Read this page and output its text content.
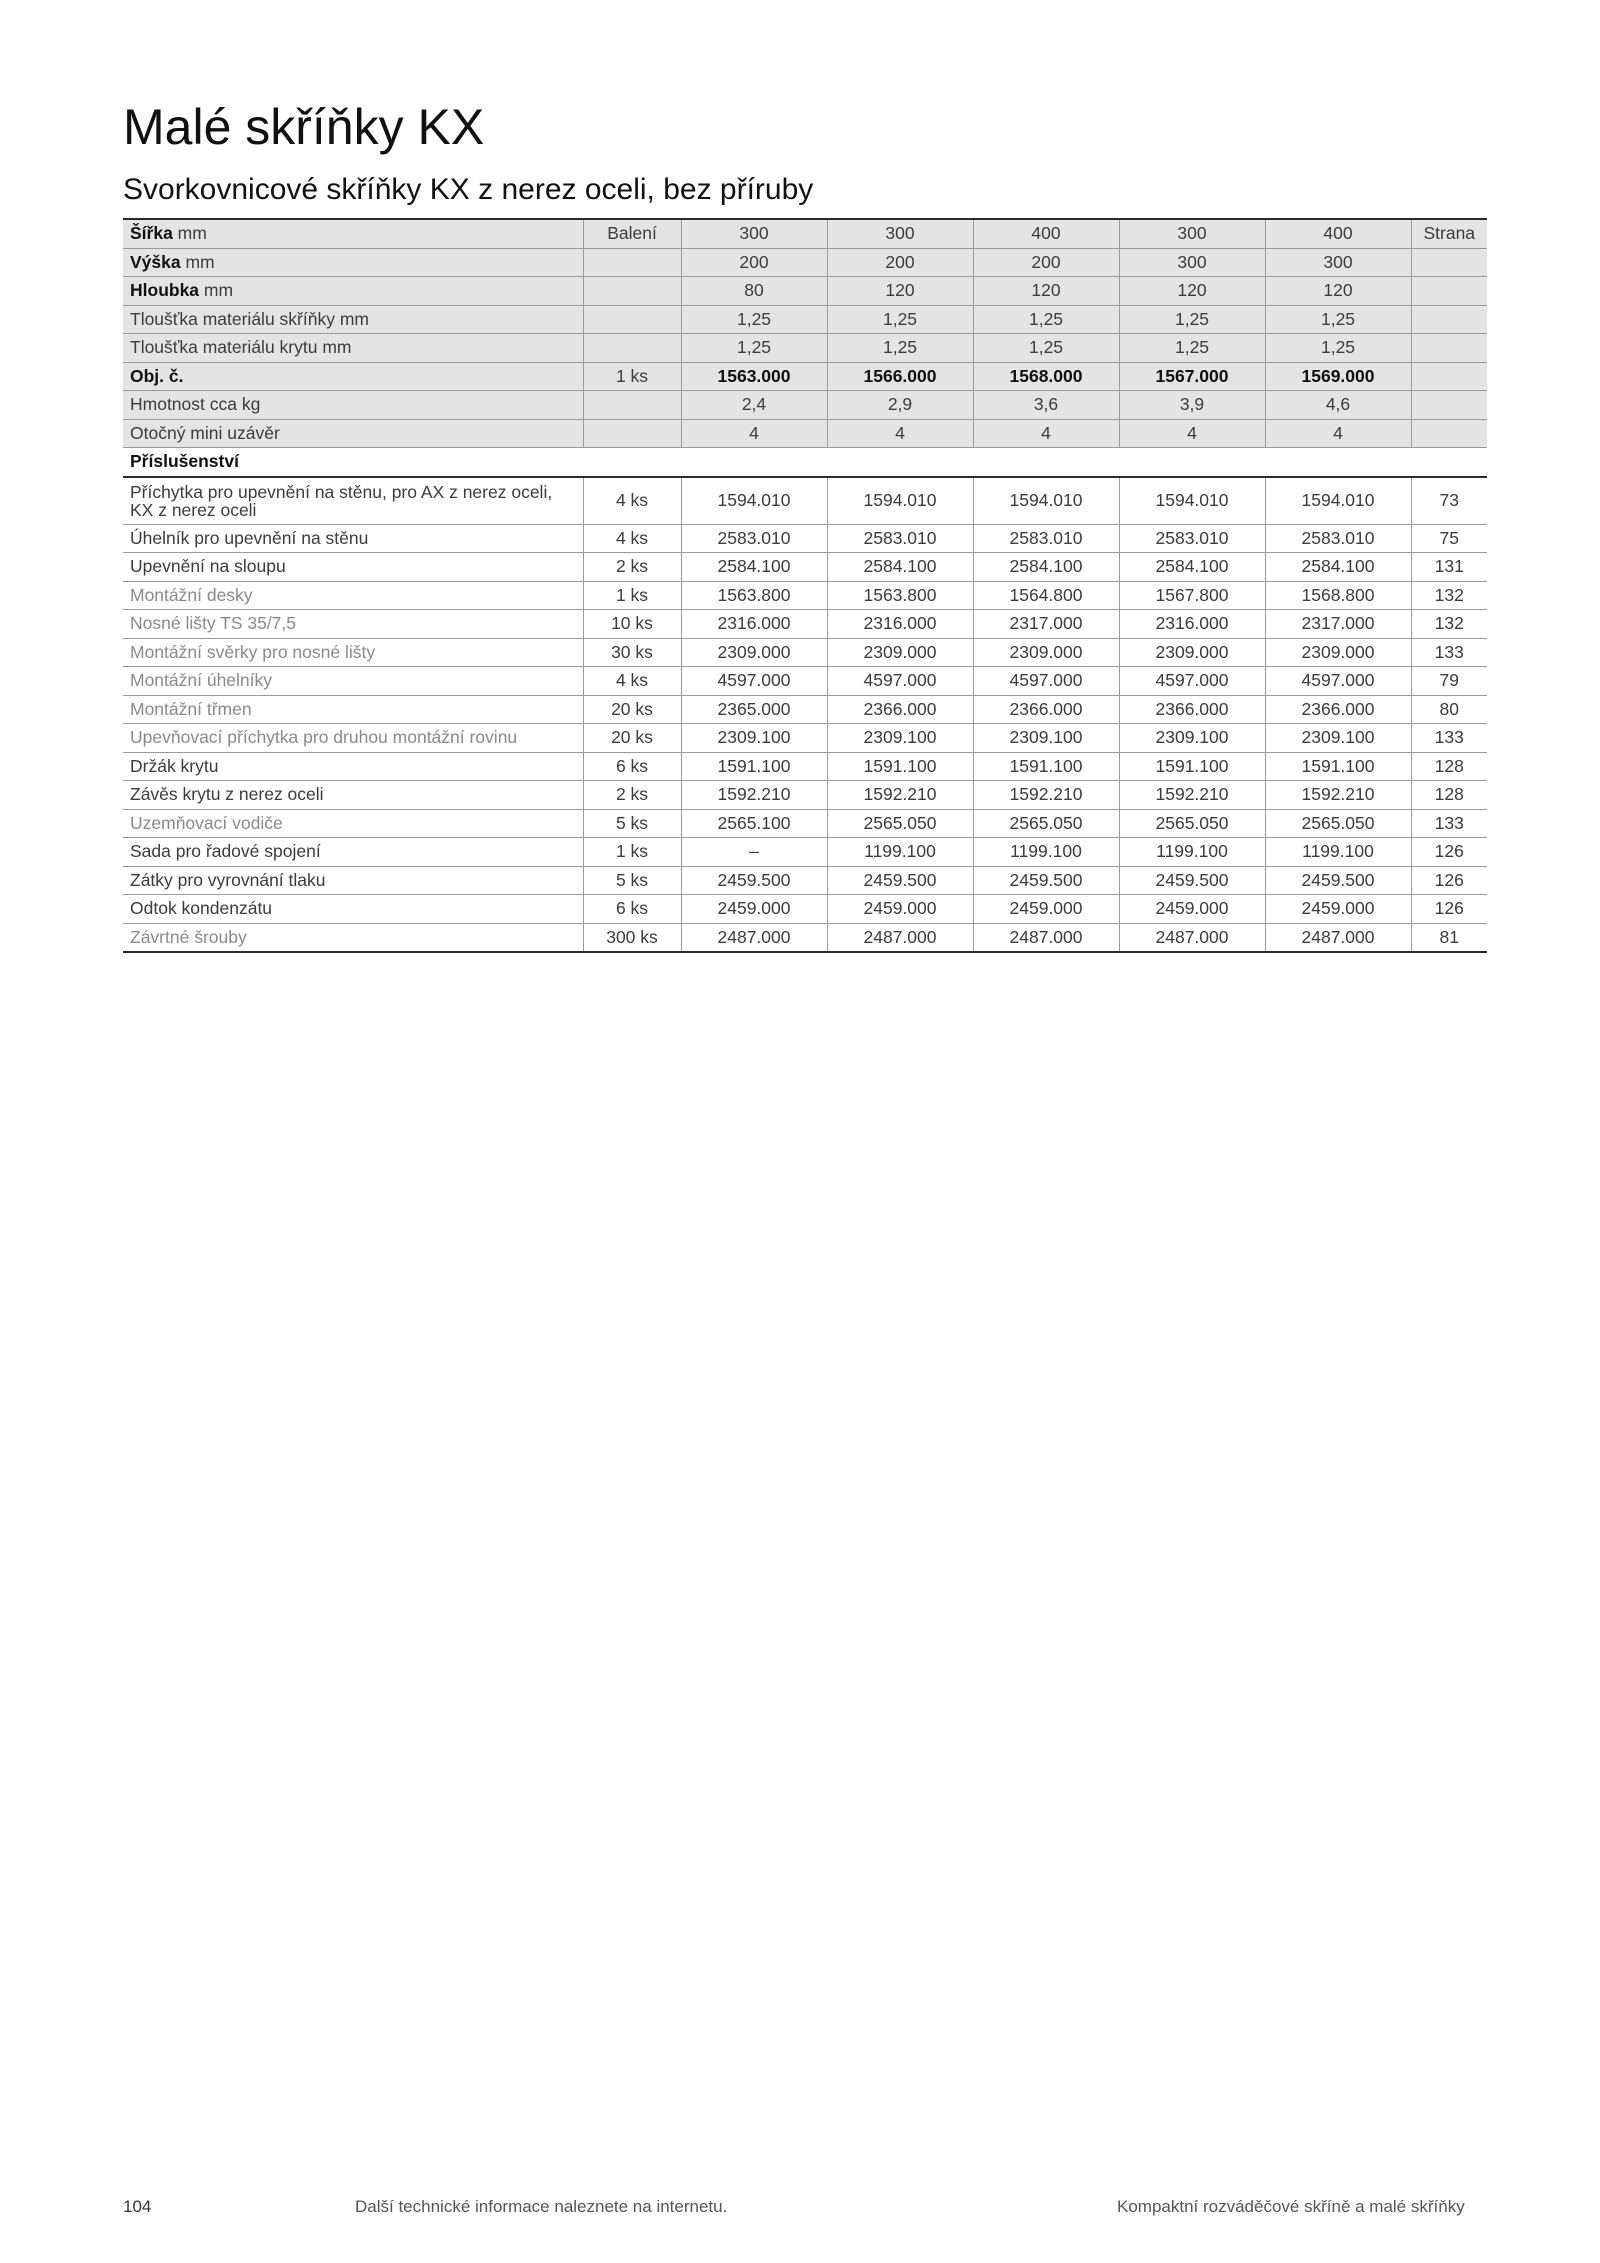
Malé skříňky KX
Svorkovnicové skříňky KX z nerez oceli, bez příruby
Šířka mm	Balení	300	300	400	300	400	Strana
Výška mm		200	200	200	300	300	
Hloubka mm		80	120	120	120	120	
Tloušťka materiálu skříňky mm		1,25	1,25	1,25	1,25	1,25	
Tloušťka materiálu krytu mm		1,25	1,25	1,25	1,25	1,25	
Obj. č.	1 ks	1563.000	1566.000	1568.000	1567.000	1569.000	
Hmotnost cca kg		2,4	2,9	3,6	3,9	4,6	
Otočný mini uzávěr		4	4	4	4	4	
Příslušenství							
Příchytka pro upevnění na stěnu, pro AX z nerez oceli, KX z nerez oceli	4 ks	1594.010	1594.010	1594.010	1594.010	1594.010	73
Úhelník pro upevnění na stěnu	4 ks	2583.010	2583.010	2583.010	2583.010	2583.010	75
Upevnění na sloupu	2 ks	2584.100	2584.100	2584.100	2584.100	2584.100	131
Montážní desky	1 ks	1563.800	1563.800	1564.800	1567.800	1568.800	132
Nosné lišty TS 35/7,5	10 ks	2316.000	2316.000	2317.000	2316.000	2317.000	132
Montážní svěrky pro nosné lišty	30 ks	2309.000	2309.000	2309.000	2309.000	2309.000	133
Montážní úhelníky	4 ks	4597.000	4597.000	4597.000	4597.000	4597.000	79
Montážní třmen	20 ks	2365.000	2366.000	2366.000	2366.000	2366.000	80
Upevňovací příchytka pro druhou montážní rovinu	20 ks	2309.100	2309.100	2309.100	2309.100	2309.100	133
Držák krytu	6 ks	1591.100	1591.100	1591.100	1591.100	1591.100	128
Závěs krytu z nerez oceli	2 ks	1592.210	1592.210	1592.210	1592.210	1592.210	128
Uzemňovací vodiče	5 ks	2565.100	2565.050	2565.050	2565.050	2565.050	133
Sada pro řadové spojení	1 ks	–	1199.100	1199.100	1199.100	1199.100	126
Zátky pro vyrovnání tlaku	5 ks	2459.500	2459.500	2459.500	2459.500	2459.500	126
Odtok kondenzátu	6 ks	2459.000	2459.000	2459.000	2459.000	2459.000	126
Závrtné šrouby	300 ks	2487.000	2487.000	2487.000	2487.000	2487.000	81
104	Další technické informace naleznete na internetu.	Kompaktní rozváděčové skříně a malé skříňky
